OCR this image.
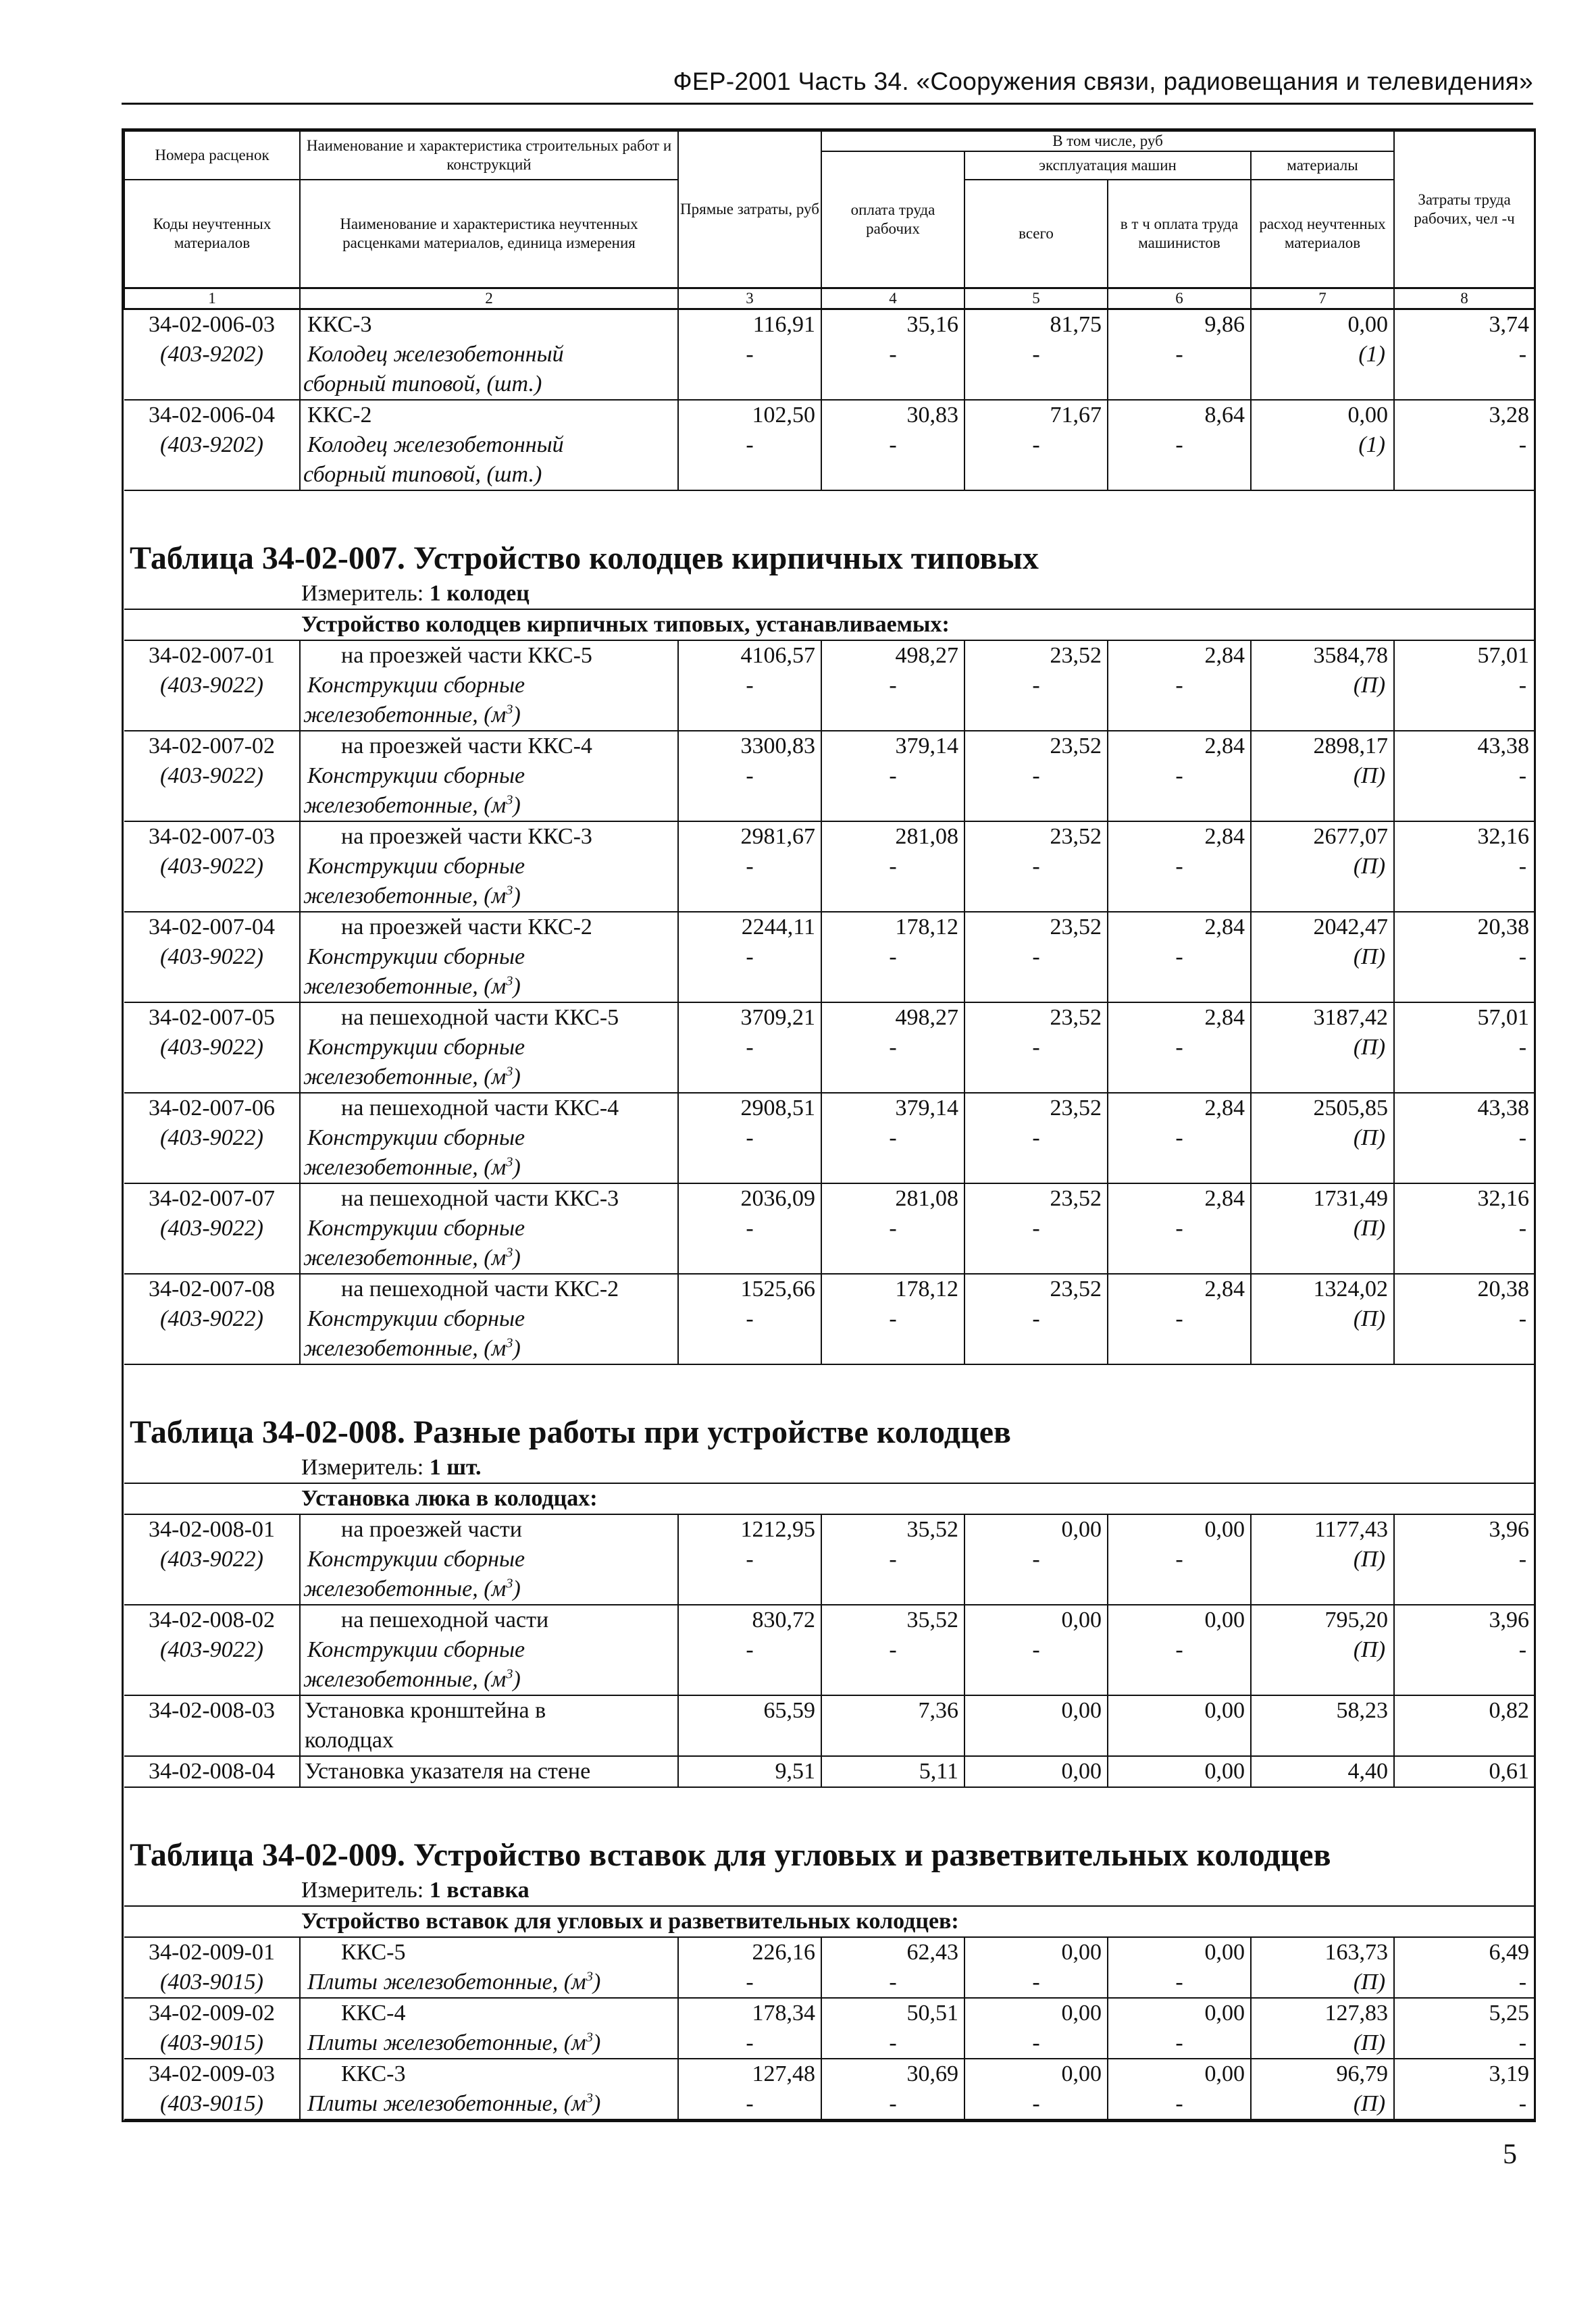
ФЕР-2001 Часть 34. «Сооружения связи, радиовещания и телевидения»
Номера расценок	Наименование и характеристика строительных работ и конструкций	Прямые затраты, руб	В том числе, руб				Затраты труда рабочих, чел -ч
			оплата труда рабочих	эксплуатация машин		материалы	
Коды неучтенных материалов	Наименование и характеристика неучтенных расценками материалов, единица измерения			всего	в т ч оплата труда машинистов	расход неучтенных материалов	

1	2	3	4	5	6	7	8
34-02-006-03	ККС-3	116,91	35,16	81,75	9,86	0,00	3,74
(403-9202)	Колодец железобетонный	-	-	-	-	(1)	-
	сборный типовой, (шт.)						
34-02-006-04	ККС-2	102,50	30,83	71,67	8,64	0,00	3,28
(403-9202)	Колодец железобетонный	-	-	-	-	(1)	-
	сборный типовой, (шт.)						

Таблица 34-02-007. Устройство колодцев кирпичных типовых							
Измеритель: 1 колодец							
Устройство колодцев кирпичных типовых, устанавливаемых:							
34-02-007-01	на проезжей части ККС-5	4106,57	498,27	23,52	2,84	3584,78	57,01
(403-9022)	Конструкции сборные	-	-	-	-	(П)	-
	железобетонные, $(м^3)$						
34-02-007-02	на проезжей части ККС-4	3300,83	379,14	23,52	2,84	2898,17	43,38
(403-9022)	Конструкции сборные	-	-	-	-	(П)	-
	железобетонные, $(м^3)$						
34-02-007-03	на проезжей части ККС-3	2981,67	281,08	23,52	2,84	2677,07	32,16
(403-9022)	Конструкции сборные	-	-	-	-	(П)	-
	железобетонные, $(м^3)$						
34-02-007-04	на проезжей части ККС-2	2244,11	178,12	23,52	2,84	2042,47	20,38
(403-9022)	Конструкции сборные	-	-	-	-	(П)	-
	железобетонные, $(м^3)$						
34-02-007-05	на пешеходной части ККС-5	3709,21	498,27	23,52	2,84	3187,42	57,01
(403-9022)	Конструкции сборные	-	-	-	-	(П)	-
	железобетонные, $(м^3)$						
34-02-007-06	на пешеходной части ККС-4	2908,51	379,14	23,52	2,84	2505,85	43,38
(403-9022)	Конструкции сборные	-	-	-	-	(П)	-
	железобетонные, $(м^3)$						
34-02-007-07	на пешеходной части ККС-3	2036,09	281,08	23,52	2,84	1731,49	32,16
(403-9022)	Конструкции сборные	-	-	-	-	(П)	-
	железобетонные, $(м^3)$						
34-02-007-08	на пешеходной части ККС-2	1525,66	178,12	23,52	2,84	1324,02	20,38
(403-9022)	Конструкции сборные	-	-	-	-	(П)	-
	железобетонные, $(м^3)$						

Таблица 34-02-008. Разные работы при устройстве колодцев							
Измеритель: 1 шт.							
Установка люка в колодцах:							
34-02-008-01	на проезжей части	1212,95	35,52	0,00	0,00	1177,43	3,96
(403-9022)	Конструкции сборные	-	-	-	-	(П)	-
	железобетонные, $(м^3)$						
34-02-008-02	на пешеходной части	830,72	35,52	0,00	0,00	795,20	3,96
(403-9022)	Конструкции сборные	-	-	-	-	(П)	-
	железобетонные, $(м^3)$						
34-02-008-03	Установка кронштейна в	65,59	7,36	0,00	0,00	58,23	0,82
	колодцах						
34-02-008-04	Установка указателя на стене	9,51	5,11	0,00	0,00	4,40	0,61

Таблица 34-02-009. Устройство вставок для угловых и разветвительных колодцев							
Измеритель: 1 вставка							
Устройство вставок для угловых и разветвительных колодцев:							
34-02-009-01	ККС-5	226,16	62,43	0,00	0,00	163,73	6,49
(403-9015)	Плиты железобетонные, $(м^3)$	-	-	-	-	(П)	-
34-02-009-02	ККС-4	178,34	50,51	0,00	0,00	127,83	5,25
(403-9015)	Плиты железобетонные, $(м^3)$	-	-	-	-	(П)	-
34-02-009-03	ККС-3	127,48	30,69	0,00	0,00	96,79	3,19
(403-9015)	Плиты железобетонные, $(м^3)$	-	-	-	-	(П)	-

5
